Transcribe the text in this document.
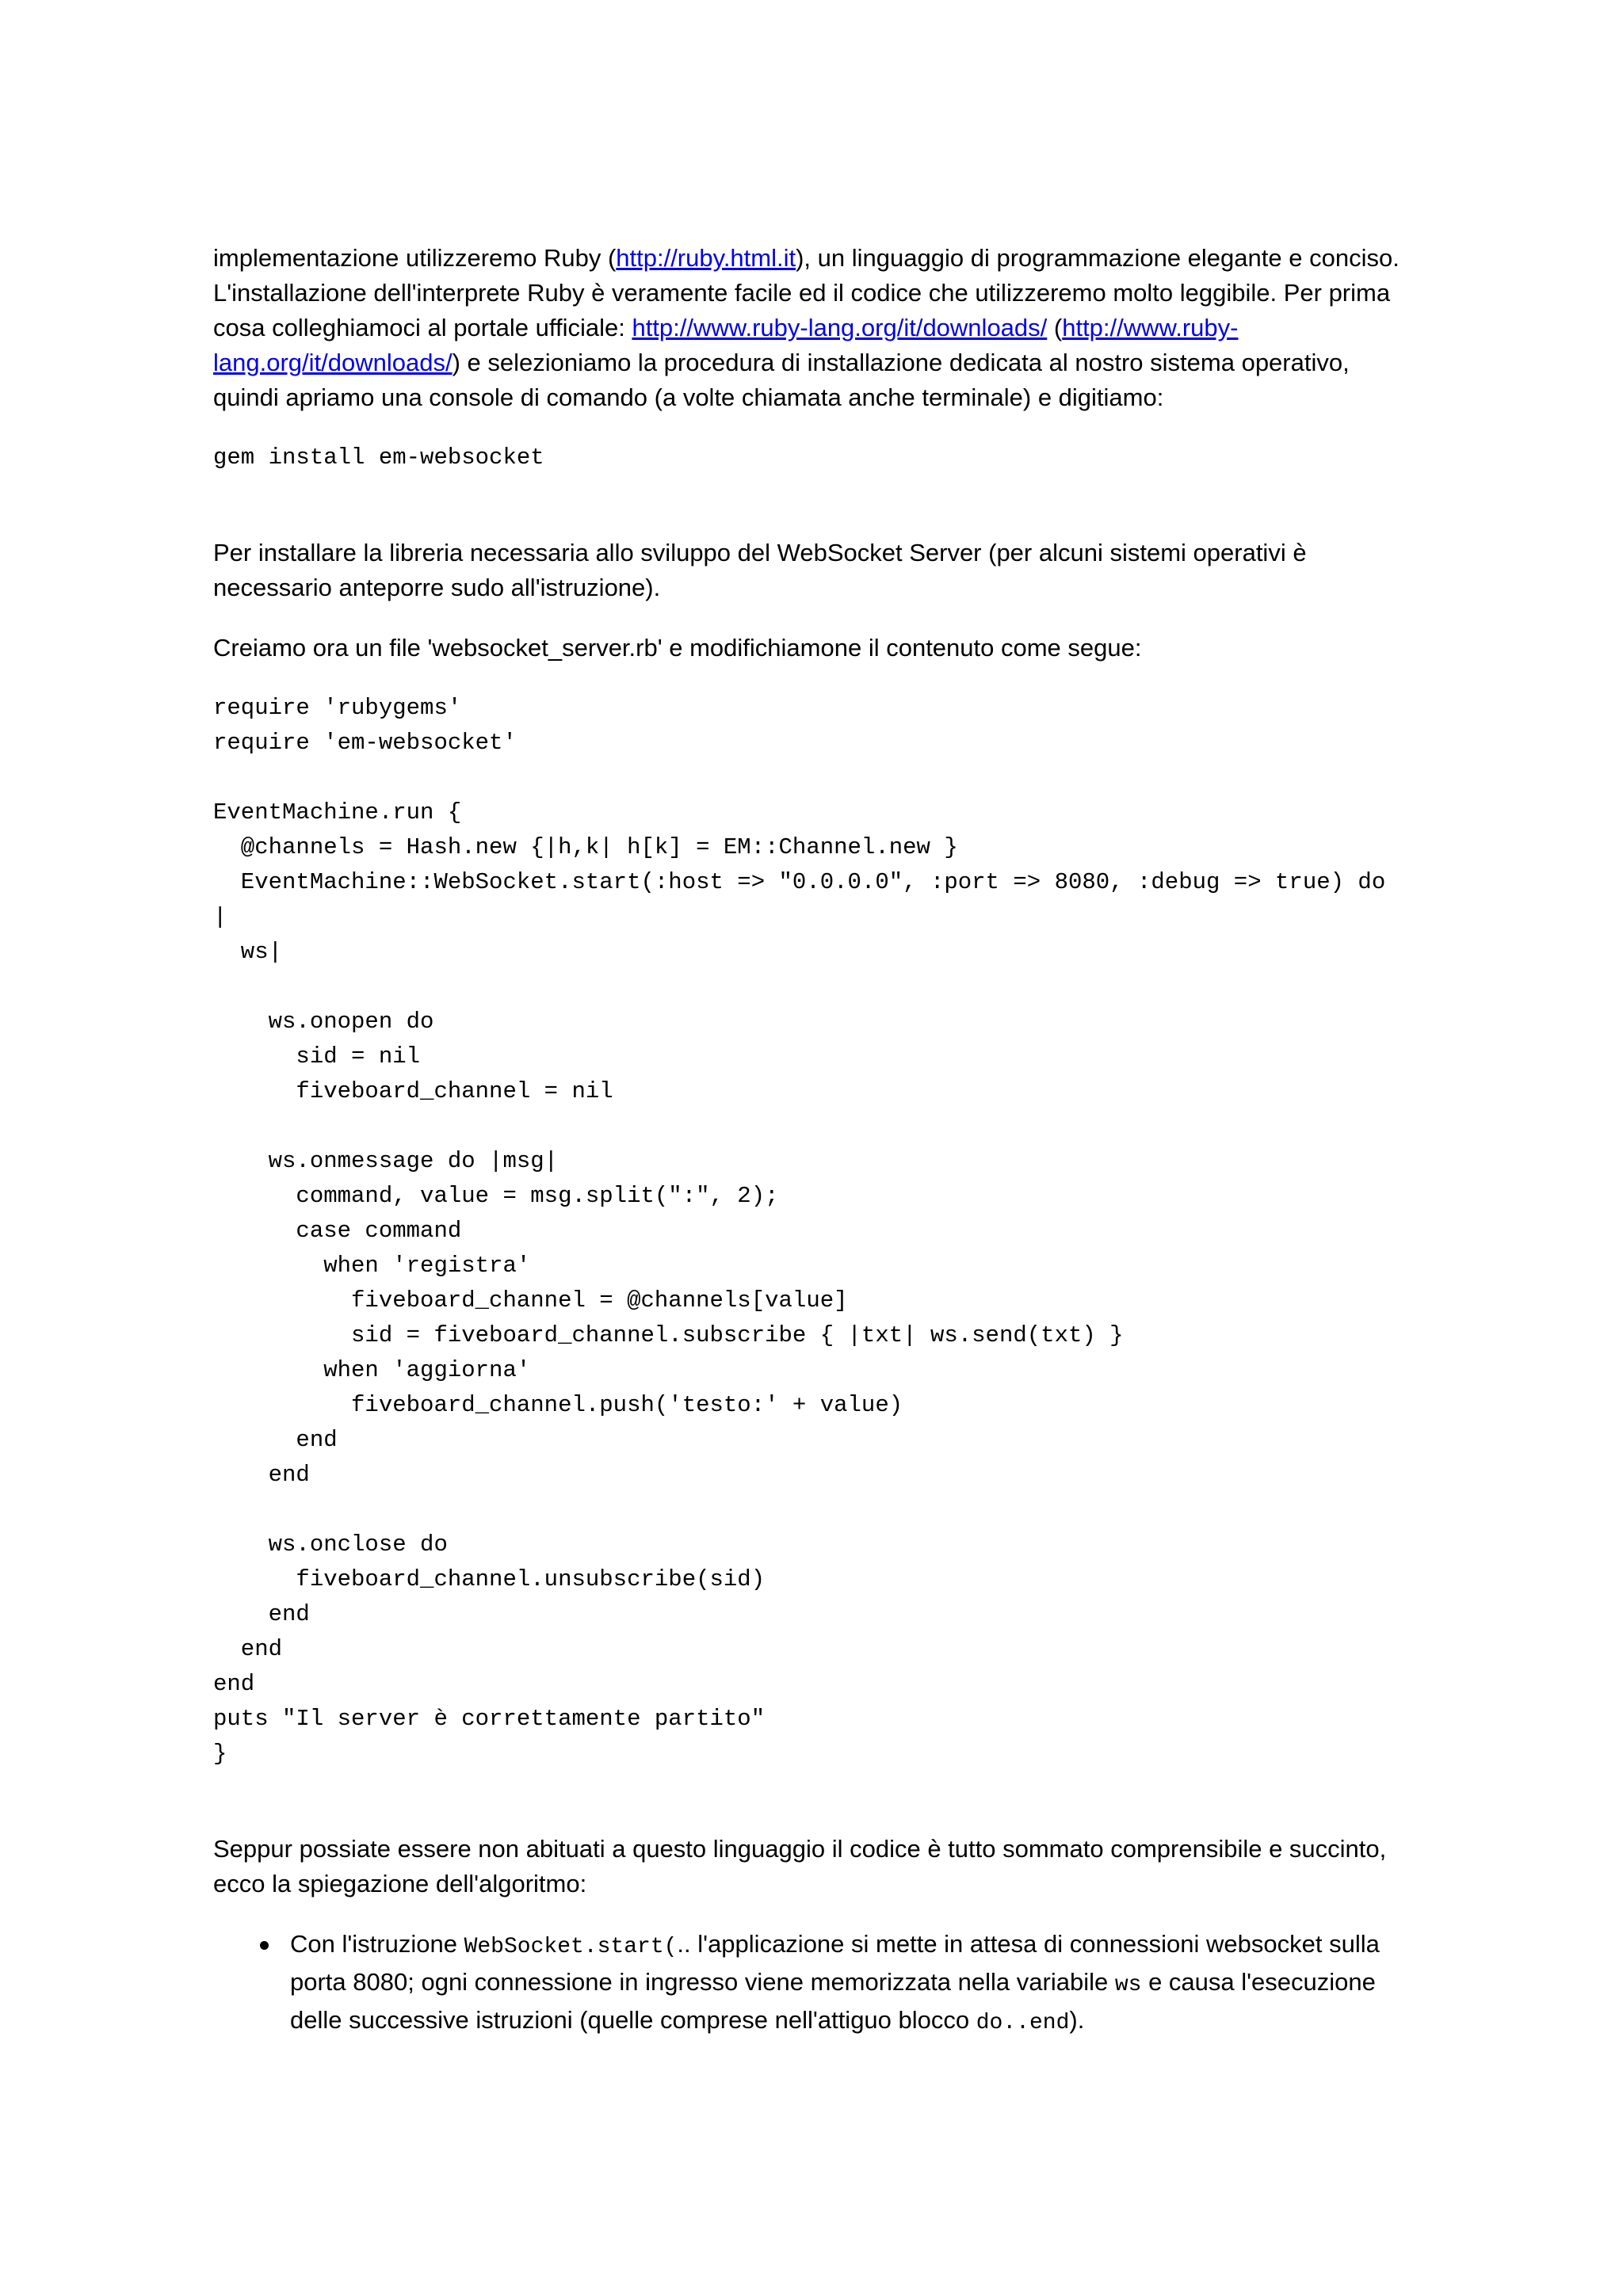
implementazione utilizzeremo Ruby (http://ruby.html.it), un linguaggio di programmazione elegante e conciso. L'installazione dell'interprete Ruby è veramente facile ed il codice che utilizzeremo molto leggibile. Per prima cosa colleghiamoci al portale ufficiale: http://www.ruby-lang.org/it/downloads/ (http://www.ruby-lang.org/it/downloads/) e selezioniamo la procedura di installazione dedicata al nostro sistema operativo, quindi apriamo una console di comando (a volte chiamata anche terminale) e digitiamo:

gem install em-websocket

Per installare la libreria necessaria allo sviluppo del WebSocket Server (per alcuni sistemi operativi è necessario anteporre sudo all'istruzione).

Creiamo ora un file 'websocket_server.rb' e modifichiamone il contenuto come segue:

require 'rubygems'
require 'em-websocket'

EventMachine.run {
@channels = Hash.new {|h,k| h[k] = EM::Channel.new }
EventMachine::WebSocket.start(:host => "0.0.0.0", :port => 8080, :debug => true) do
|
ws|

ws.onopen do
sid = nil
fiveboard_channel = nil

ws.onmessage do |msg|
command, value = msg.split(":", 2);
case command
when 'registra'
fiveboard_channel = @channels[value]
sid = fiveboard_channel.subscribe { |txt| ws.send(txt) }
when 'aggiorna'
fiveboard_channel.push('testo:' + value)
end
end

ws.onclose do
fiveboard_channel.unsubscribe(sid)
end
end
end
puts "Il server è correttamente partito"
}

Seppur possiate essere non abituati a questo linguaggio il codice è tutto sommato comprensibile e succinto, ecco la spiegazione dell'algoritmo:

Con l'istruzione WebSocket.start(.. l'applicazione si mette in attesa di connessioni websocket sulla porta 8080; ogni connessione in ingresso viene memorizzata nella variabile ws e causa l'esecuzione delle successive istruzioni (quelle comprese nell'attiguo blocco do..end).
